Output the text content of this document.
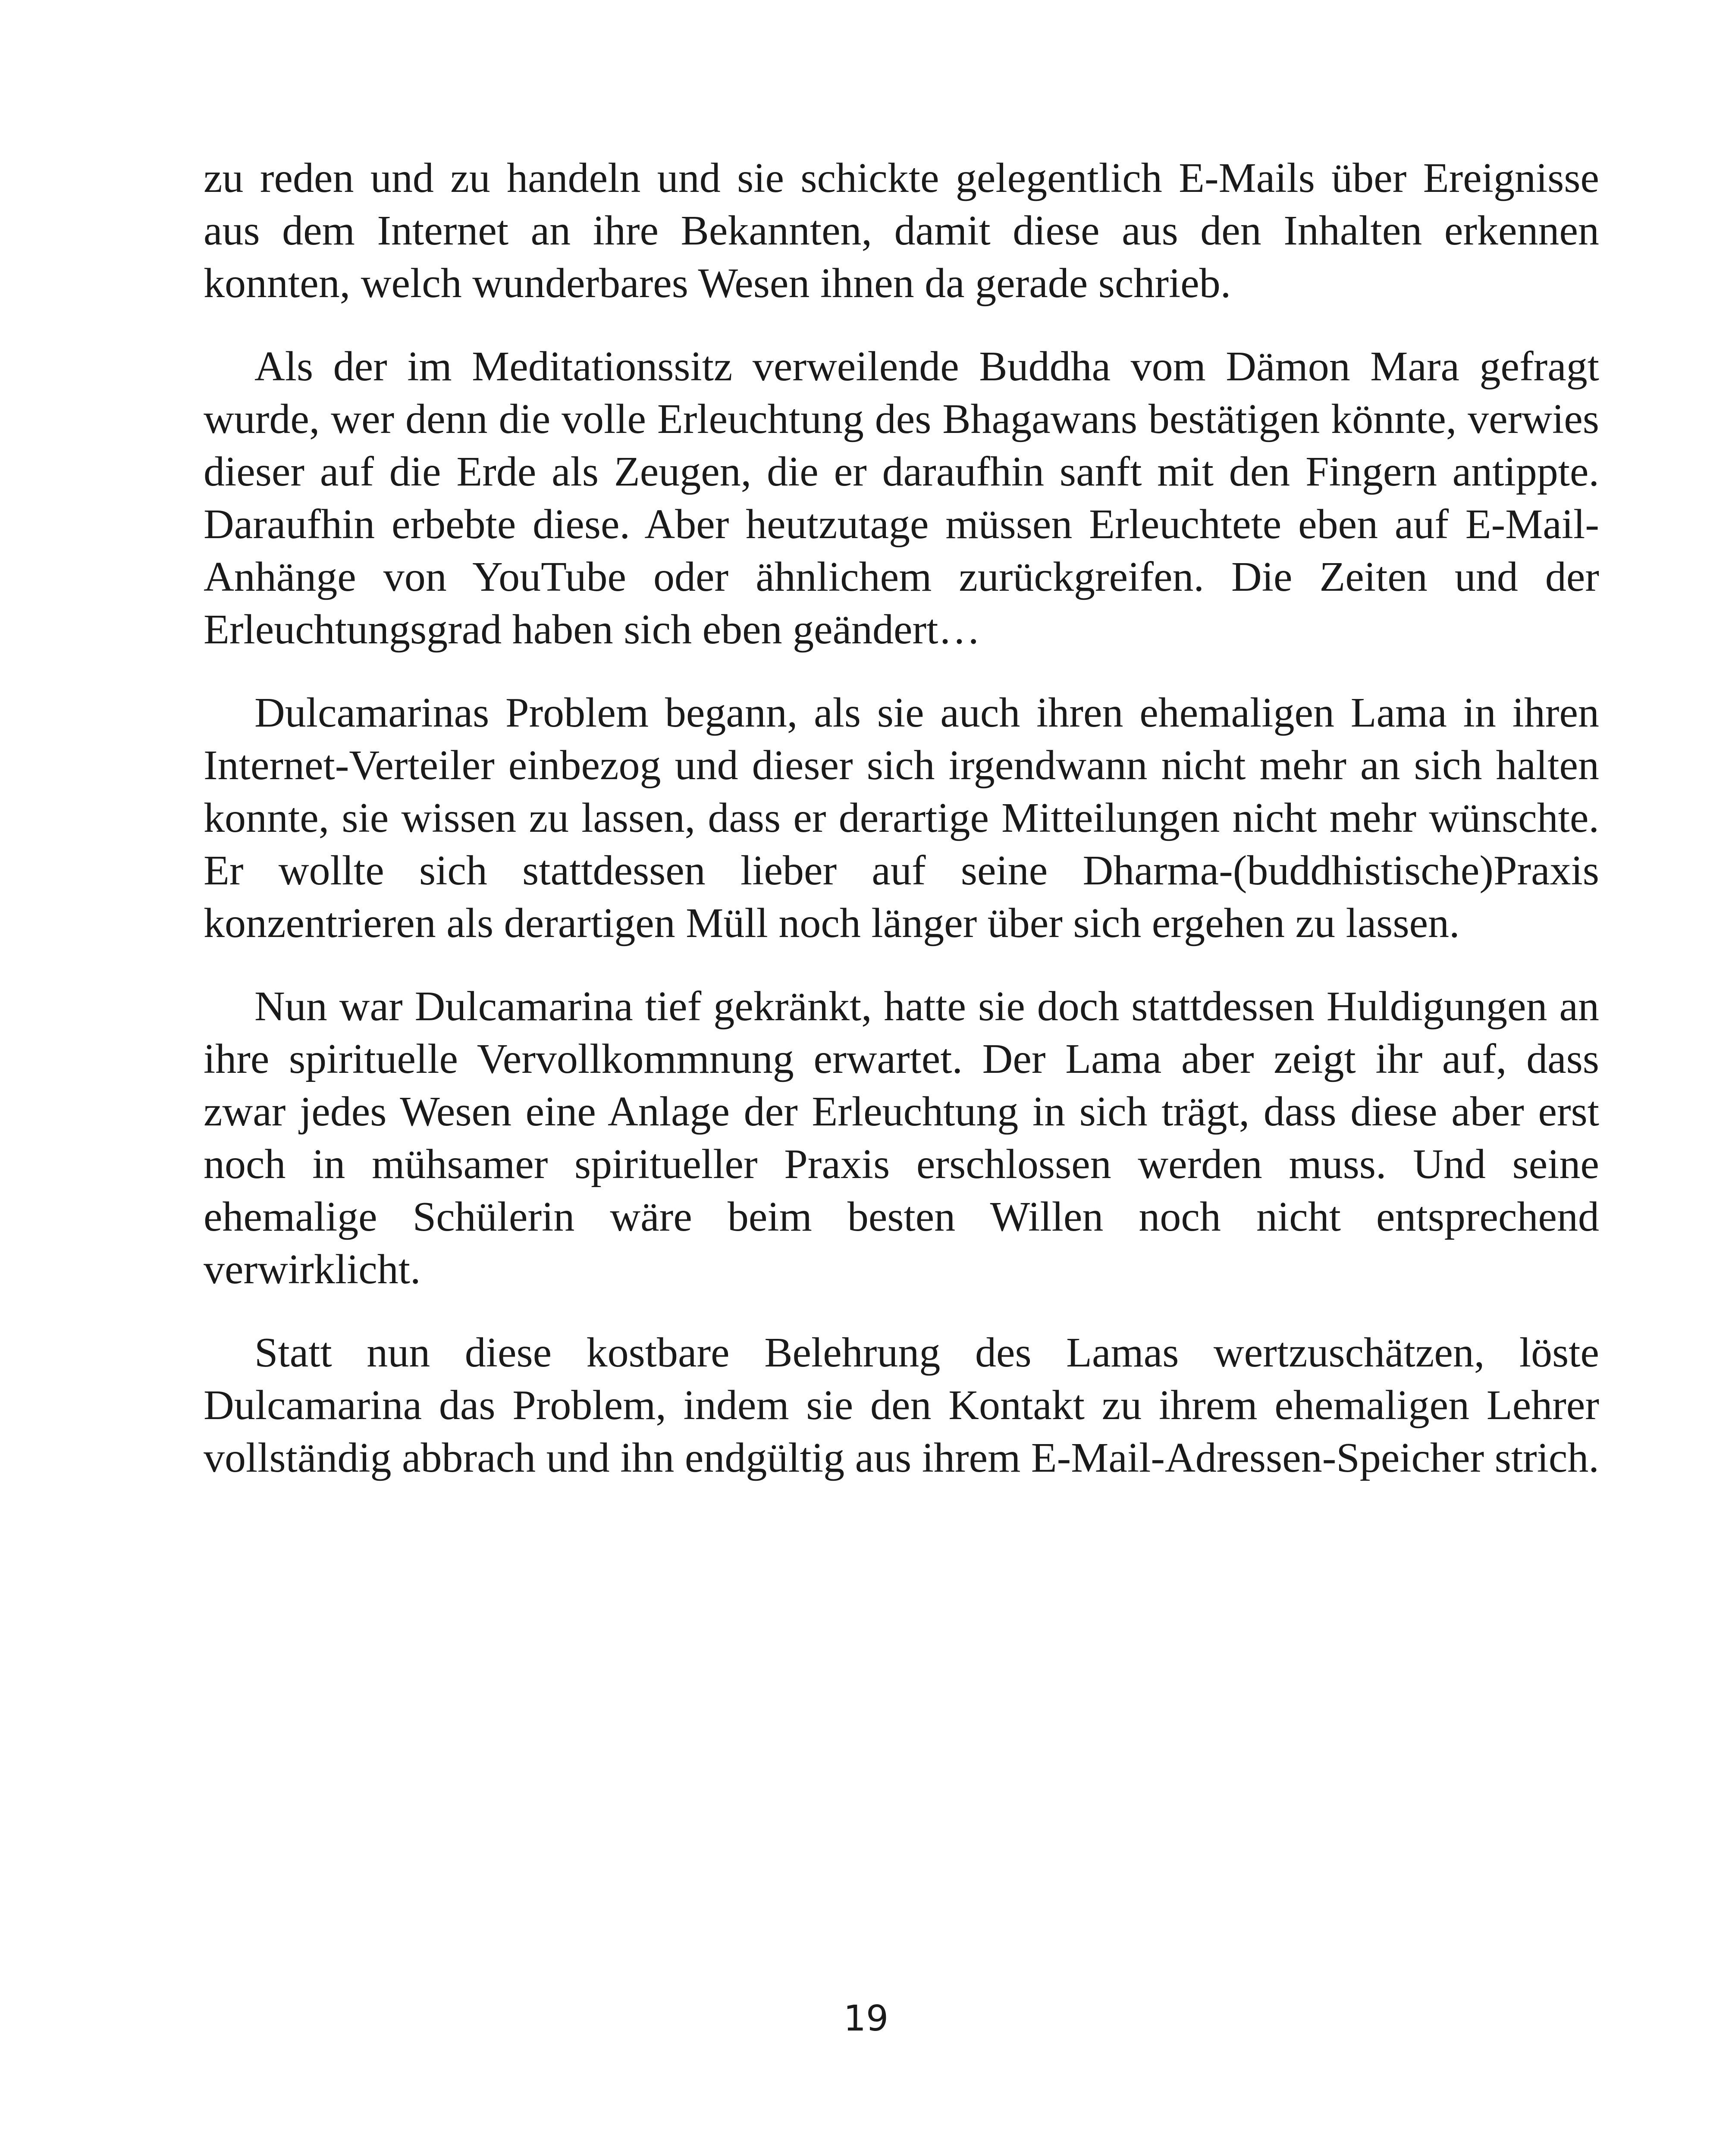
zu reden und zu handeln und sie schickte gelegentlich E-Mails über Ereignisse aus dem Internet an ihre Bekannten, damit diese aus den Inhalten erkennen konnten, welch wunderbares Wesen ihnen da gerade schrieb.

Als der im Meditationssitz verweilende Buddha vom Dämon Mara gefragt wurde, wer denn die volle Erleuchtung des Bhagawans bestätigen könnte, verwies dieser auf die Erde als Zeugen, die er daraufhin sanft mit den Fingern antippte. Daraufhin erbebte diese. Aber heutzutage müssen Erleuchtete eben auf E-Mail-Anhänge von YouTube oder ähnlichem zurückgreifen. Die Zeiten und der Erleuchtungsgrad haben sich eben geändert…

Dulcamarinas Problem begann, als sie auch ihren ehemaligen Lama in ihren Internet-Verteiler einbezog und dieser sich irgendwann nicht mehr an sich halten konnte, sie wissen zu lassen, dass er derartige Mitteilungen nicht mehr wünschte. Er wollte sich stattdessen lieber auf seine Dharma-(buddhistische)Praxis konzentrieren als derartigen Müll noch länger über sich ergehen zu lassen.

Nun war Dulcamarina tief gekränkt, hatte sie doch stattdessen Huldigungen an ihre spirituelle Vervollkommnung erwartet. Der Lama aber zeigt ihr auf, dass zwar jedes Wesen eine Anlage der Erleuchtung in sich trägt, dass diese aber erst noch in mühsamer spiritueller Praxis erschlossen werden muss. Und seine ehemalige Schülerin wäre beim besten Willen noch nicht entsprechend verwirklicht.

Statt nun diese kostbare Belehrung des Lamas wertzuschätzen, löste Dulcamarina das Problem, indem sie den Kontakt zu ihrem ehemaligen Lehrer vollständig abbrach und ihn endgültig aus ihrem E-Mail-Adressen-Speicher strich.

19
